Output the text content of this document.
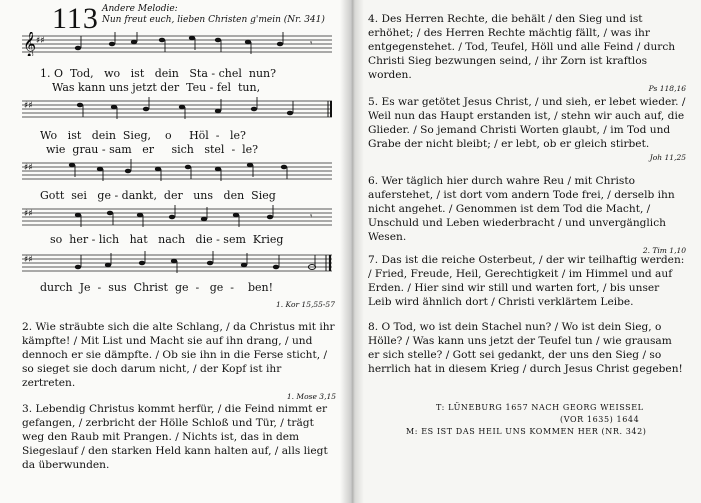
113 Andere Melodie:
Nun freut euch, lieben Christen g'mein (Nr. 341)
𝄞 ♯♯	𝄾
1. O  Tod,   wo   ist   dein   Sta - chel  nun?
Was kann uns jetzt der  Teu - fel  tun,
♯♯
Wo   ist   dein  Sieg,    o     Höl  -   le?
wie  grau - sam   er     sich   stel  -  le?
♯♯
Gott  sei   ge - dankt,  der   uns   den  Sieg
♯♯	𝄾
so  her - lich   hat   nach   die - sem  Krieg
♯♯
durch  Je  -  sus  Christ  ge  -   ge  -    ben!
1. Kor 15,55-57

2. Wie sträubte sich die alte Schlang, / da Christus mit ihr kämpfte! / Mit List und Macht sie auf ihn drang, / und dennoch er sie dämpfte. / Ob sie ihn in die Ferse sticht, / so sieget sie doch darum nicht, / der Kopf ist ihr zertreten.

1. Mose 3,15

3. Lebendig Christus kommt herfür, / die Feind nimmt er gefangen, / zerbricht der Hölle Schloß und Tür, / trägt weg den Raub mit Prangen. / Nichts ist, das in dem Siegeslauf / den starken Held kann halten auf, / alls liegt da überwunden.

4. Des Herren Rechte, die behält / den Sieg und ist erhöhet; / des Herren Rechte mächtig fällt, / was ihr entgegenstehet. / Tod, Teufel, Höll und alle Feind / durch Christi Sieg bezwungen seind, / ihr Zorn ist kraftlos worden.

Ps 118,16

5. Es war getötet Jesus Christ, / und sieh, er lebet wieder. / Weil nun das Haupt erstanden ist, / stehn wir auch auf, die Glieder. / So jemand Christi Worten glaubt, / im Tod und Grabe der nicht bleibt; / er lebt, ob er gleich stirbet.

Joh 11,25

6. Wer täglich hier durch wahre Reu / mit Christo auferstehet, / ist dort vom andern Tode frei, / derselb ihn nicht angehet. / Genommen ist dem Tod die Macht, / Unschuld und Leben wiederbracht / und unvergänglich Wesen.

2. Tim 1,10

7. Das ist die reiche Osterbeut, / der wir teilhaftig werden: / Fried, Freude, Heil, Gerechtigkeit / im Himmel und auf Erden. / Hier sind wir still und warten fort, / bis unser Leib wird ähnlich dort / Christi verklärtem Leibe.

8. O Tod, wo ist dein Stachel nun? / Wo ist dein Sieg, o Hölle? / Was kann uns jetzt der Teufel tun / wie grausam er sich stelle? / Gott sei gedankt, der uns den Sieg / so herrlich hat in diesem Krieg / durch Jesus Christ gegeben!

T: LÜNEBURG 1657 NACH GEORG WEISSEL
(VOR 1635) 1644
M: ES IST DAS HEIL UNS KOMMEN HER (NR. 342)
